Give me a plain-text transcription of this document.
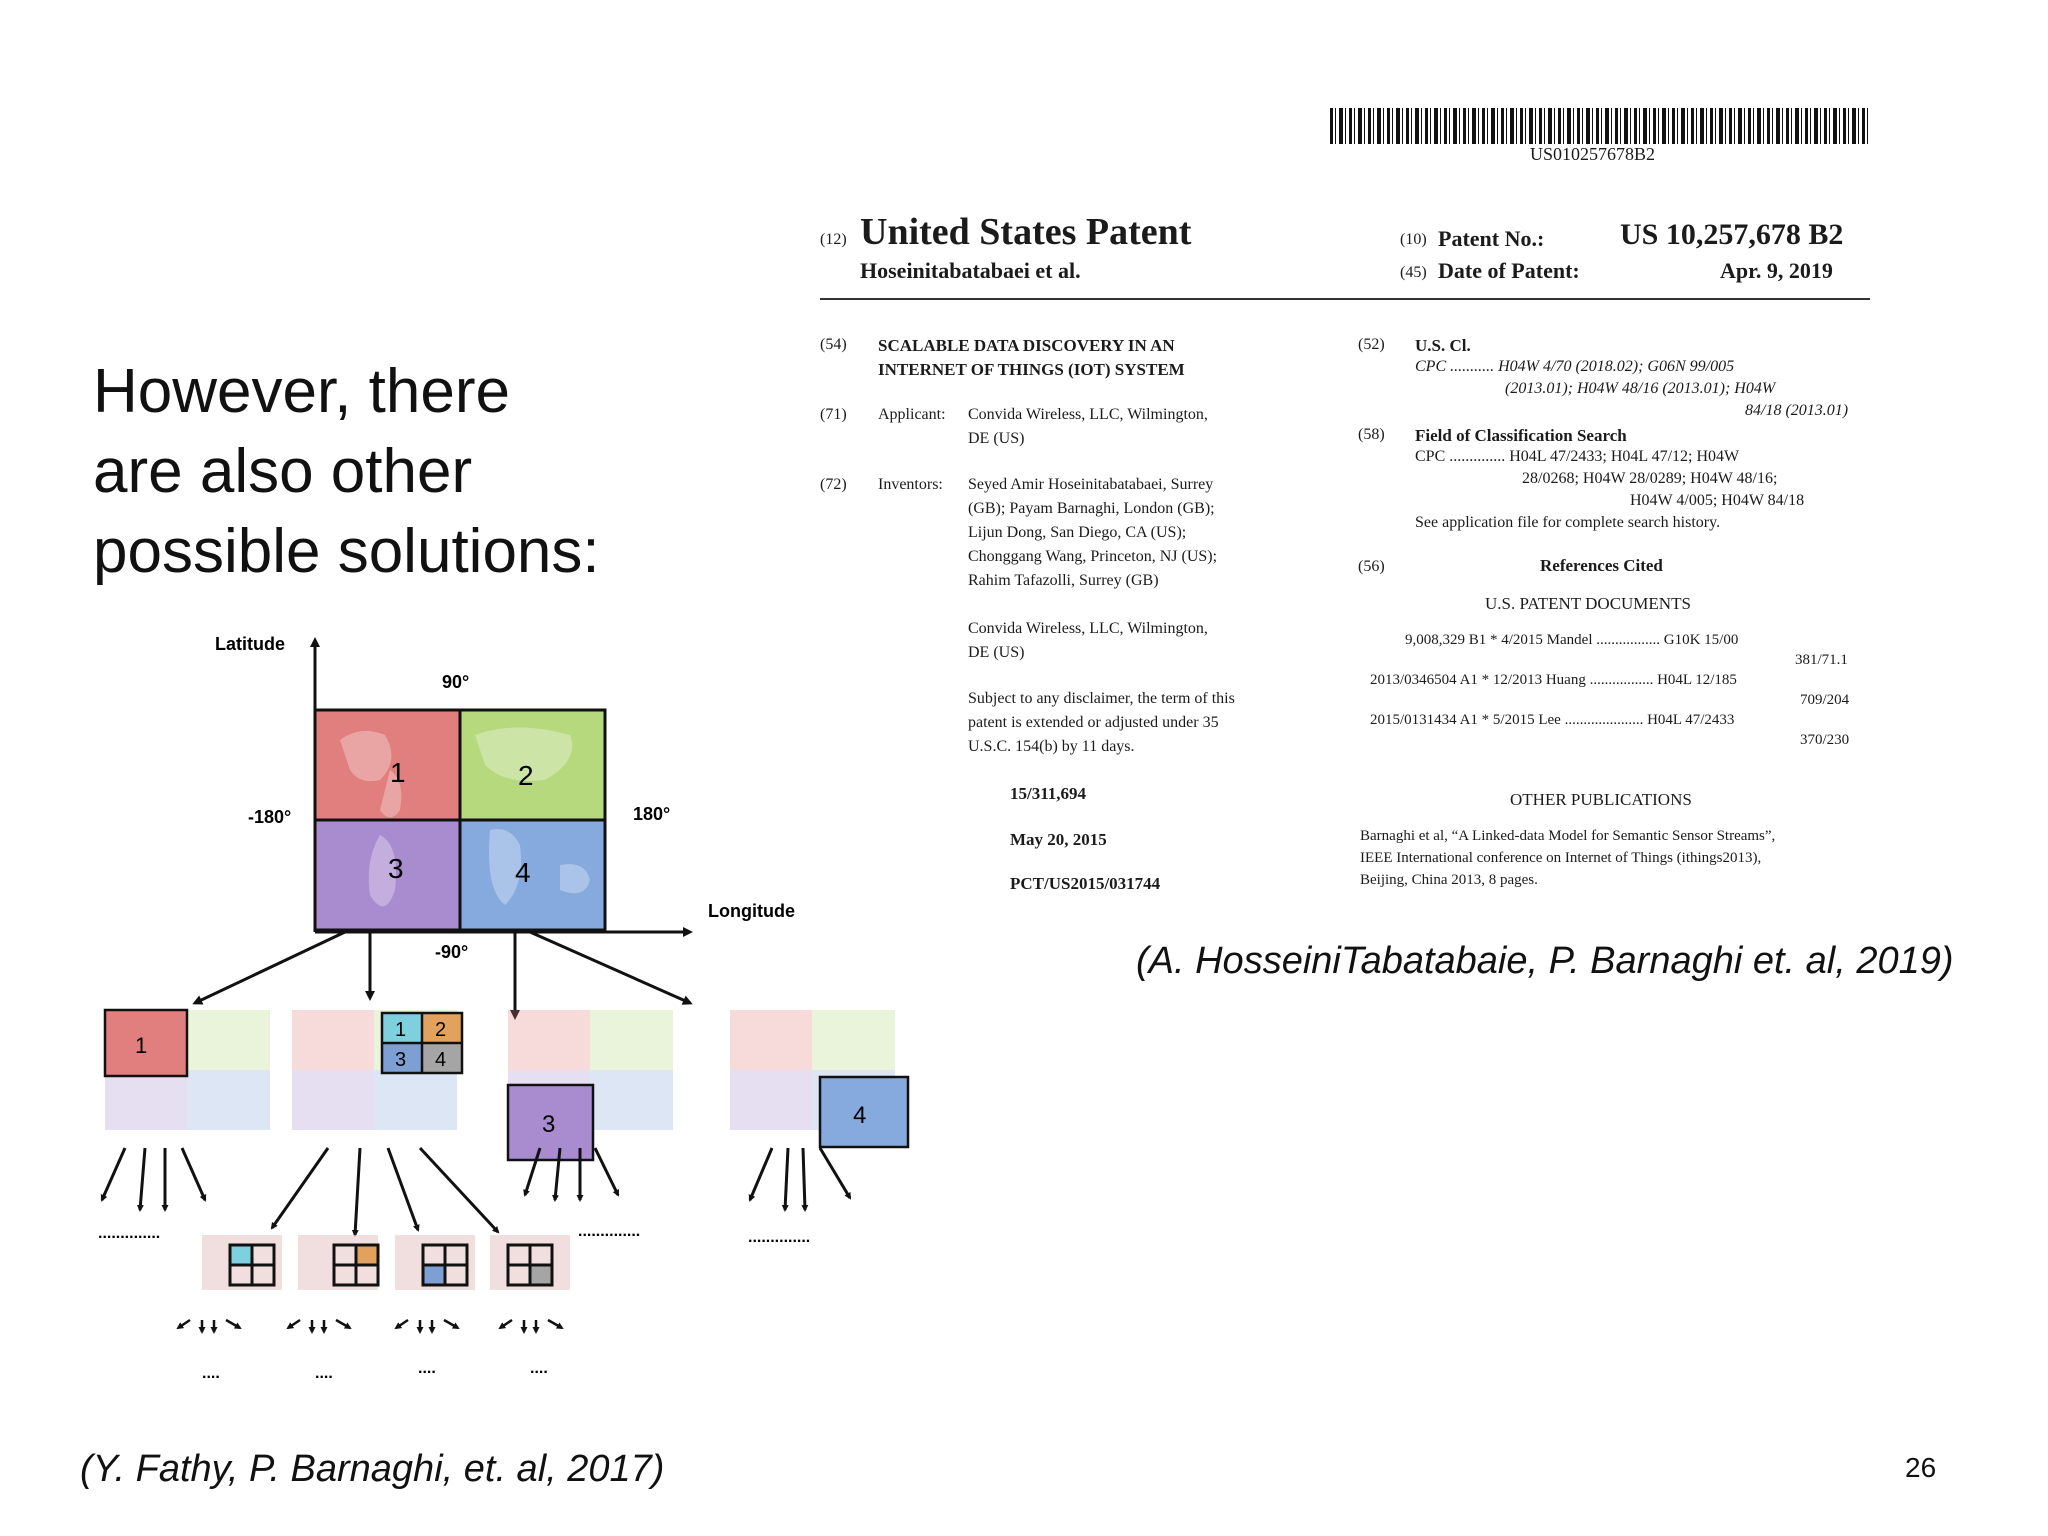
However, there
are also other
possible solutions:
Latitude
Longitude
90°
-90°
-180°	180°
1	2
3	4
1
1 2
3 4
3	4
..............	..............	..............
....	....	....	....
US010257678B2
(12) United States Patent
Hoseinitabatabaei et al.
(10) Patent No.:	US 10,257,678 B2
(45) Date of Patent:	Apr. 9, 2019
(54) SCALABLE DATA DISCOVERY IN AN
INTERNET OF THINGS (IOT) SYSTEM
(71) Applicant: Convida Wireless, LLC, Wilmington,
DE (US)
(72) Inventors: Seyed Amir Hoseinitabatabaei, Surrey
(GB); Payam Barnaghi, London (GB);
Lijun Dong, San Diego, CA (US);
Chonggang Wang, Princeton, NJ (US);
Rahim Tafazolli, Surrey (GB)
Convida Wireless, LLC, Wilmington,
DE (US)
Subject to any disclaimer, the term of this
patent is extended or adjusted under 35
U.S.C. 154(b) by 11 days.
15/311,694
May 20, 2015
PCT/US2015/031744
(52) U.S. Cl.
CPC ........... H04W 4/70 (2018.02); G06N 99/005
(2013.01); H04W 48/16 (2013.01); H04W
84/18 (2013.01)
(58) Field of Classification Search
CPC .............. H04L 47/2433; H04L 47/12; H04W
28/0268; H04W 28/0289; H04W 48/16;
H04W 4/005; H04W 84/18
See application file for complete search history.
(56)	References Cited
U.S. PATENT DOCUMENTS
9,008,329 B1 * 4/2015 Mandel ................. G10K 15/00
381/71.1
2013/0346504 A1 * 12/2013 Huang ................. H04L 12/185
709/204
2015/0131434 A1 * 5/2015 Lee ..................... H04L 47/2433
370/230
OTHER PUBLICATIONS
Barnaghi et al, “A Linked-data Model for Semantic Sensor Streams”,
IEEE International conference on Internet of Things (ithings2013),
Beijing, China 2013, 8 pages.
(A. HosseiniTabatabaie, P. Barnaghi et. al, 2019)
(Y. Fathy, P. Barnaghi, et. al, 2017)	26
